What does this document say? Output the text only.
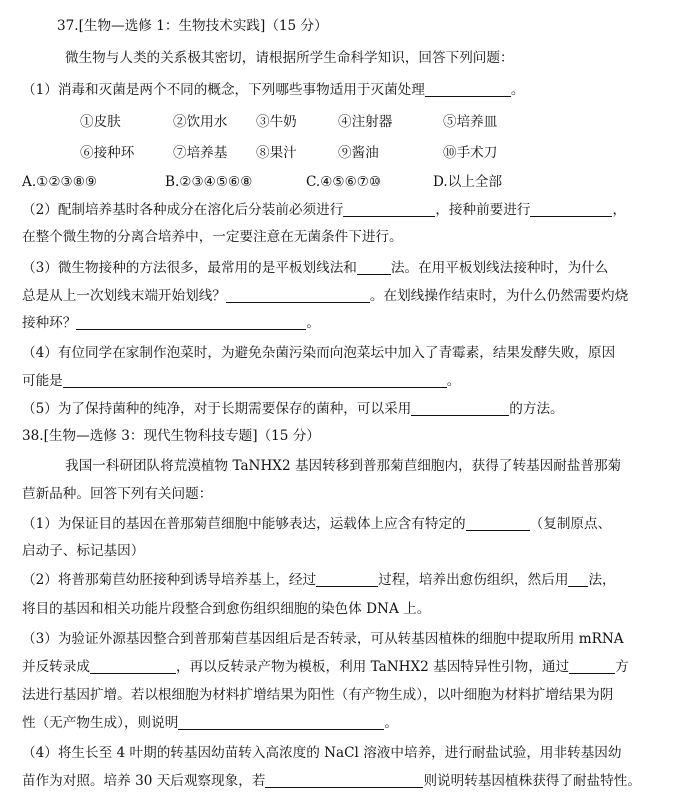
37.[生物—选修 1：生物技术实践]（15 分）
微生物与人类的关系极其密切，请根据所学生命科学知识，回答下列问题：
（1）消毒和灭菌是两个不同的概念，下列哪些事物适用于灭菌处理	。
①皮肤	②饮用水 ③牛奶	④注射器	⑤培养皿
⑥接种环	⑦培养基 ⑧果汁	⑨酱油	⑩手术刀
A.①②③⑧⑨	B.②③④⑤⑥⑧	C.④⑤⑥⑦⑩	D.以上全部
（2）配制培养基时各种成分在溶化后分装前必须进行	，接种前要进行	，
在整个微生物的分离合培养中，一定要注意在无菌条件下进行。
（3）微生物接种的方法很多，最常用的是平板划线法和	法。在用平板划线法接种时，为什么
总是从上一次划线末端开始划线？	。在划线操作结束时，为什么仍然需要灼烧
接种环？	。
（4）有位同学在家制作泡菜时，为避免杂菌污染而向泡菜坛中加入了青霉素，结果发酵失败，原因
可能是	。
（5）为了保持菌种的纯净，对于长期需要保存的菌种，可以采用	的方法。
38.[生物—选修 3：现代生物科技专题]（15 分）
我国一科研团队将荒漠植物 TaNHX2 基因转移到普那菊苣细胞内，获得了转基因耐盐普那菊
苣新品种。回答下列有关问题：
（1）为保证目的基因在普那菊苣细胞中能够表达，运载体上应含有特定的	（复制原点、
启动子、标记基因）
（2）将普那菊苣幼胚接种到诱导培养基上，经过	过程，培养出愈伤组织，然后用 法，
将目的基因和相关功能片段整合到愈伤组织细胞的染色体 DNA 上。
（3）为验证外源基因整合到普那菊苣基因组后是否转录，可从转基因植株的细胞中提取所用 mRNA
并反转录成	，再以反转录产物为模板，利用 TaNHX2 基因特异性引物，通过	方
法进行基因扩增。若以根细胞为材料扩增结果为阳性（有产物生成），以叶细胞为材料扩增结果为阴
性（无产物生成），则说明	。
（4）将生长至 4 叶期的转基因幼苗转入高浓度的 NaCl 溶液中培养，进行耐盐试验，用非转基因幼
苗作为对照。培养 30 天后观察现象，若	则说明转基因植株获得了耐盐特性。
